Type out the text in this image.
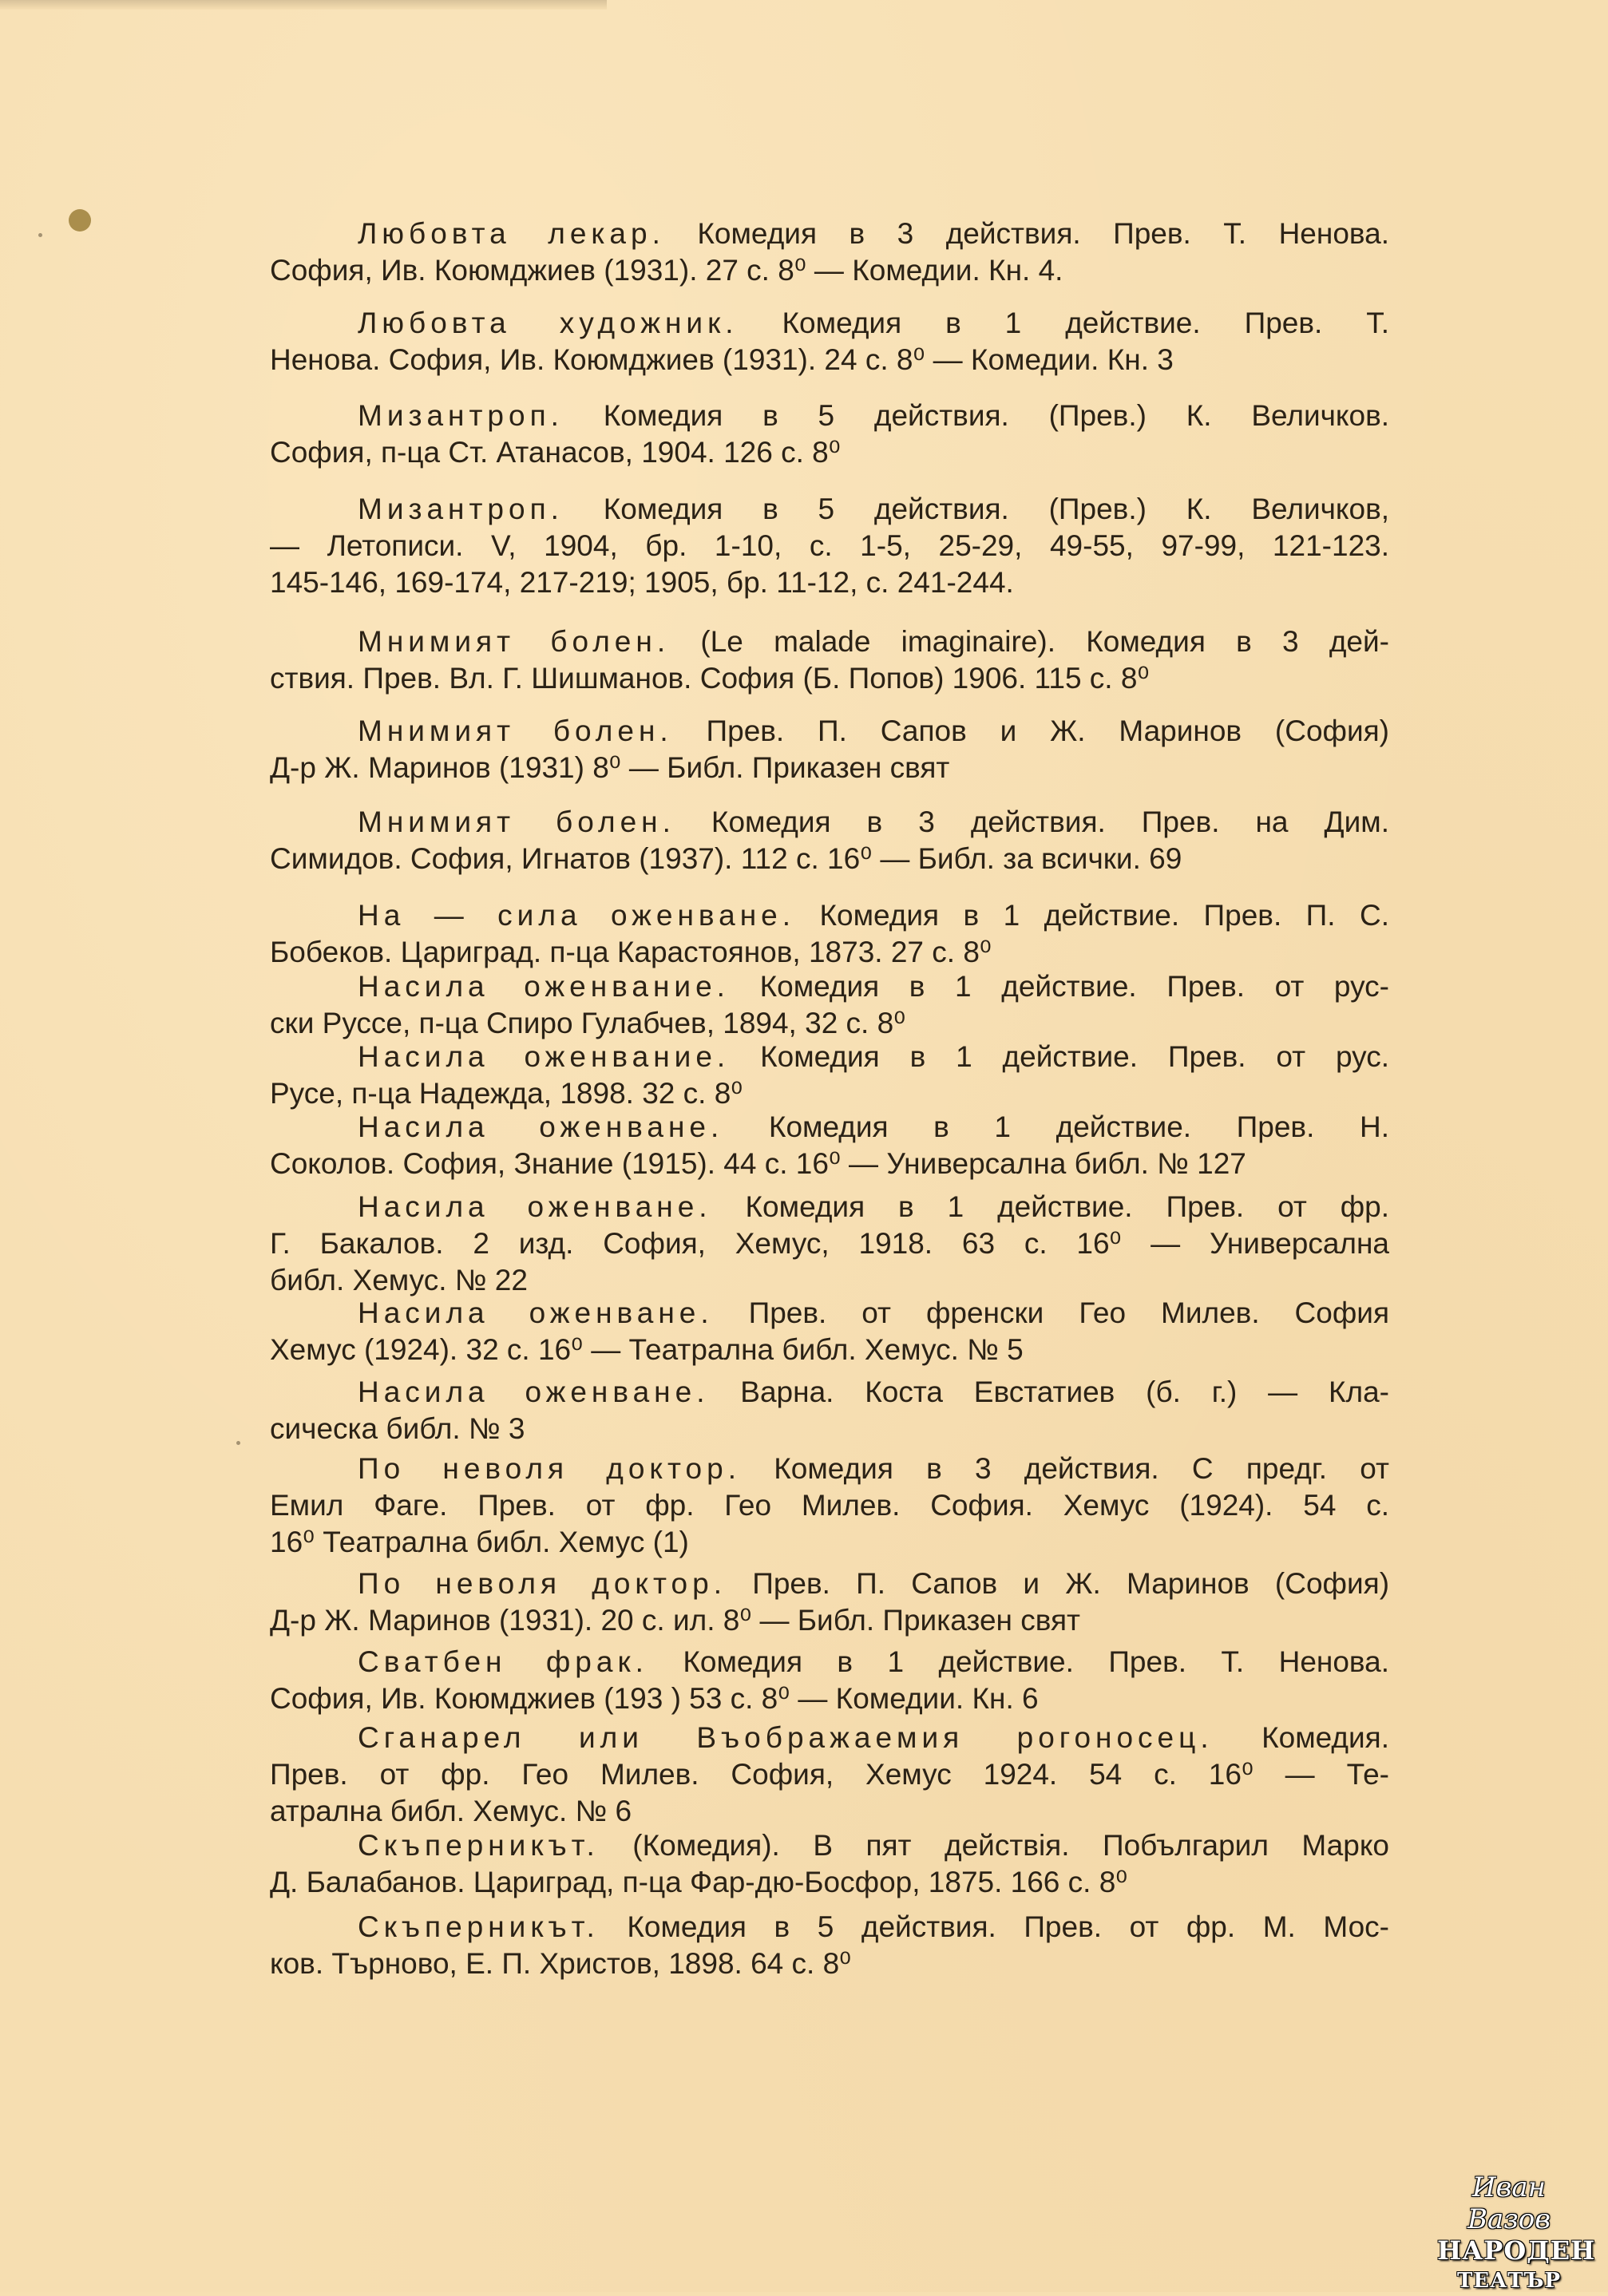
Любовта лекар. Комедия в 3 действия. Прев. Т. Ненова.
София, Ив. Коюмджиев (1931). 27 с. 8⁰ — Комедии. Кн. 4.
Любовта художник. Комедия в 1 действие. Прев. Т.
Ненова. София, Ив. Коюмджиев (1931). 24 с. 8⁰ — Комедии. Кн. 3
Мизантроп. Комедия в 5 действия. (Прев.) К. Величков.
София, п-ца Ст. Атанасов, 1904. 126 с. 8⁰
Мизантроп. Комедия в 5 действия. (Прев.) К. Величков,
— Летописи. V, 1904, бр. 1-10, с. 1-5, 25-29, 49-55, 97-99, 121-123.
145-146, 169-174, 217-219; 1905, бр. 11-12, с. 241-244.
Мнимият болен. (Le malade imaginaire). Комедия в 3 дей-
ствия. Прев. Вл. Г. Шишманов. София (Б. Попов) 1906. 115 с. 8⁰
Мнимият болен. Прев. П. Сапов и Ж. Маринов (София)
Д-р Ж. Маринов (1931) 8⁰ — Библ. Приказен свят
Мнимият болен. Комедия в 3 действия. Прев. на Дим.
Симидов. София, Игнатов (1937). 112 с. 16⁰ — Библ. за всички. 69
На — сила оженване. Комедия в 1 действие. Прев. П. С.
Бобеков. Цариград. п-ца Карастоянов, 1873. 27 с. 8⁰
Насила оженвание. Комедия в 1 действие. Прев. от рус-
ски Руссе, п-ца Спиро Гулабчев, 1894, 32 с. 8⁰
Насила оженвание. Комедия в 1 действие. Прев. от рус.
Русе, п-ца Надежда, 1898. 32 с. 8⁰
Насила оженване. Комедия в 1 действие. Прев. Н.
Соколов. София, Знание (1915). 44 с. 16⁰ — Универсална библ. № 127
Насила оженване. Комедия в 1 действие. Прев. от фр.
Г. Бакалов. 2 изд. София, Хемус, 1918. 63 с. 16⁰ — Универсална
библ. Хемус. № 22
Насила оженване. Прев. от френски Гео Милев. София
Хемус (1924). 32 с. 16⁰ — Театрална библ. Хемус. № 5
Насила оженване. Варна. Коста Евстатиев (б. г.) — Кла-
сическа библ. № 3
По неволя доктор. Комедия в 3 действия. С предг. от
Емил Фаге. Прев. от фр. Гео Милев. София. Хемус (1924). 54 с.
16⁰ Театрална библ. Хемус (1)
По неволя доктор. Прев. П. Сапов и Ж. Маринов (София)
Д-р Ж. Маринов (1931). 20 с. ил. 8⁰ — Библ. Приказен свят
Сватбен фрак. Комедия в 1 действие. Прев. Т. Ненова.
София, Ив. Коюмджиев (193 ) 53 с. 8⁰ — Комедии. Кн. 6
Сганарел или Въображаемия рогоносец. Комедия.
Прев. от фр. Гео Милев. София, Хемус 1924. 54 с. 16⁰ — Те-
атрална библ. Хемус. № 6
Скъперникът. (Комедия). В пят действія. Побългарил Марко
Д. Балабанов. Цариград, п-ца Фар-дю-Босфор, 1875. 166 с. 8⁰
Скъперникът. Комедия в 5 действия. Прев. от фр. М. Мос-
ков. Търново, Е. П. Христов, 1898. 64 с. 8⁰
Иван Вазов
НАРОДЕН
ТЕАТЪР
